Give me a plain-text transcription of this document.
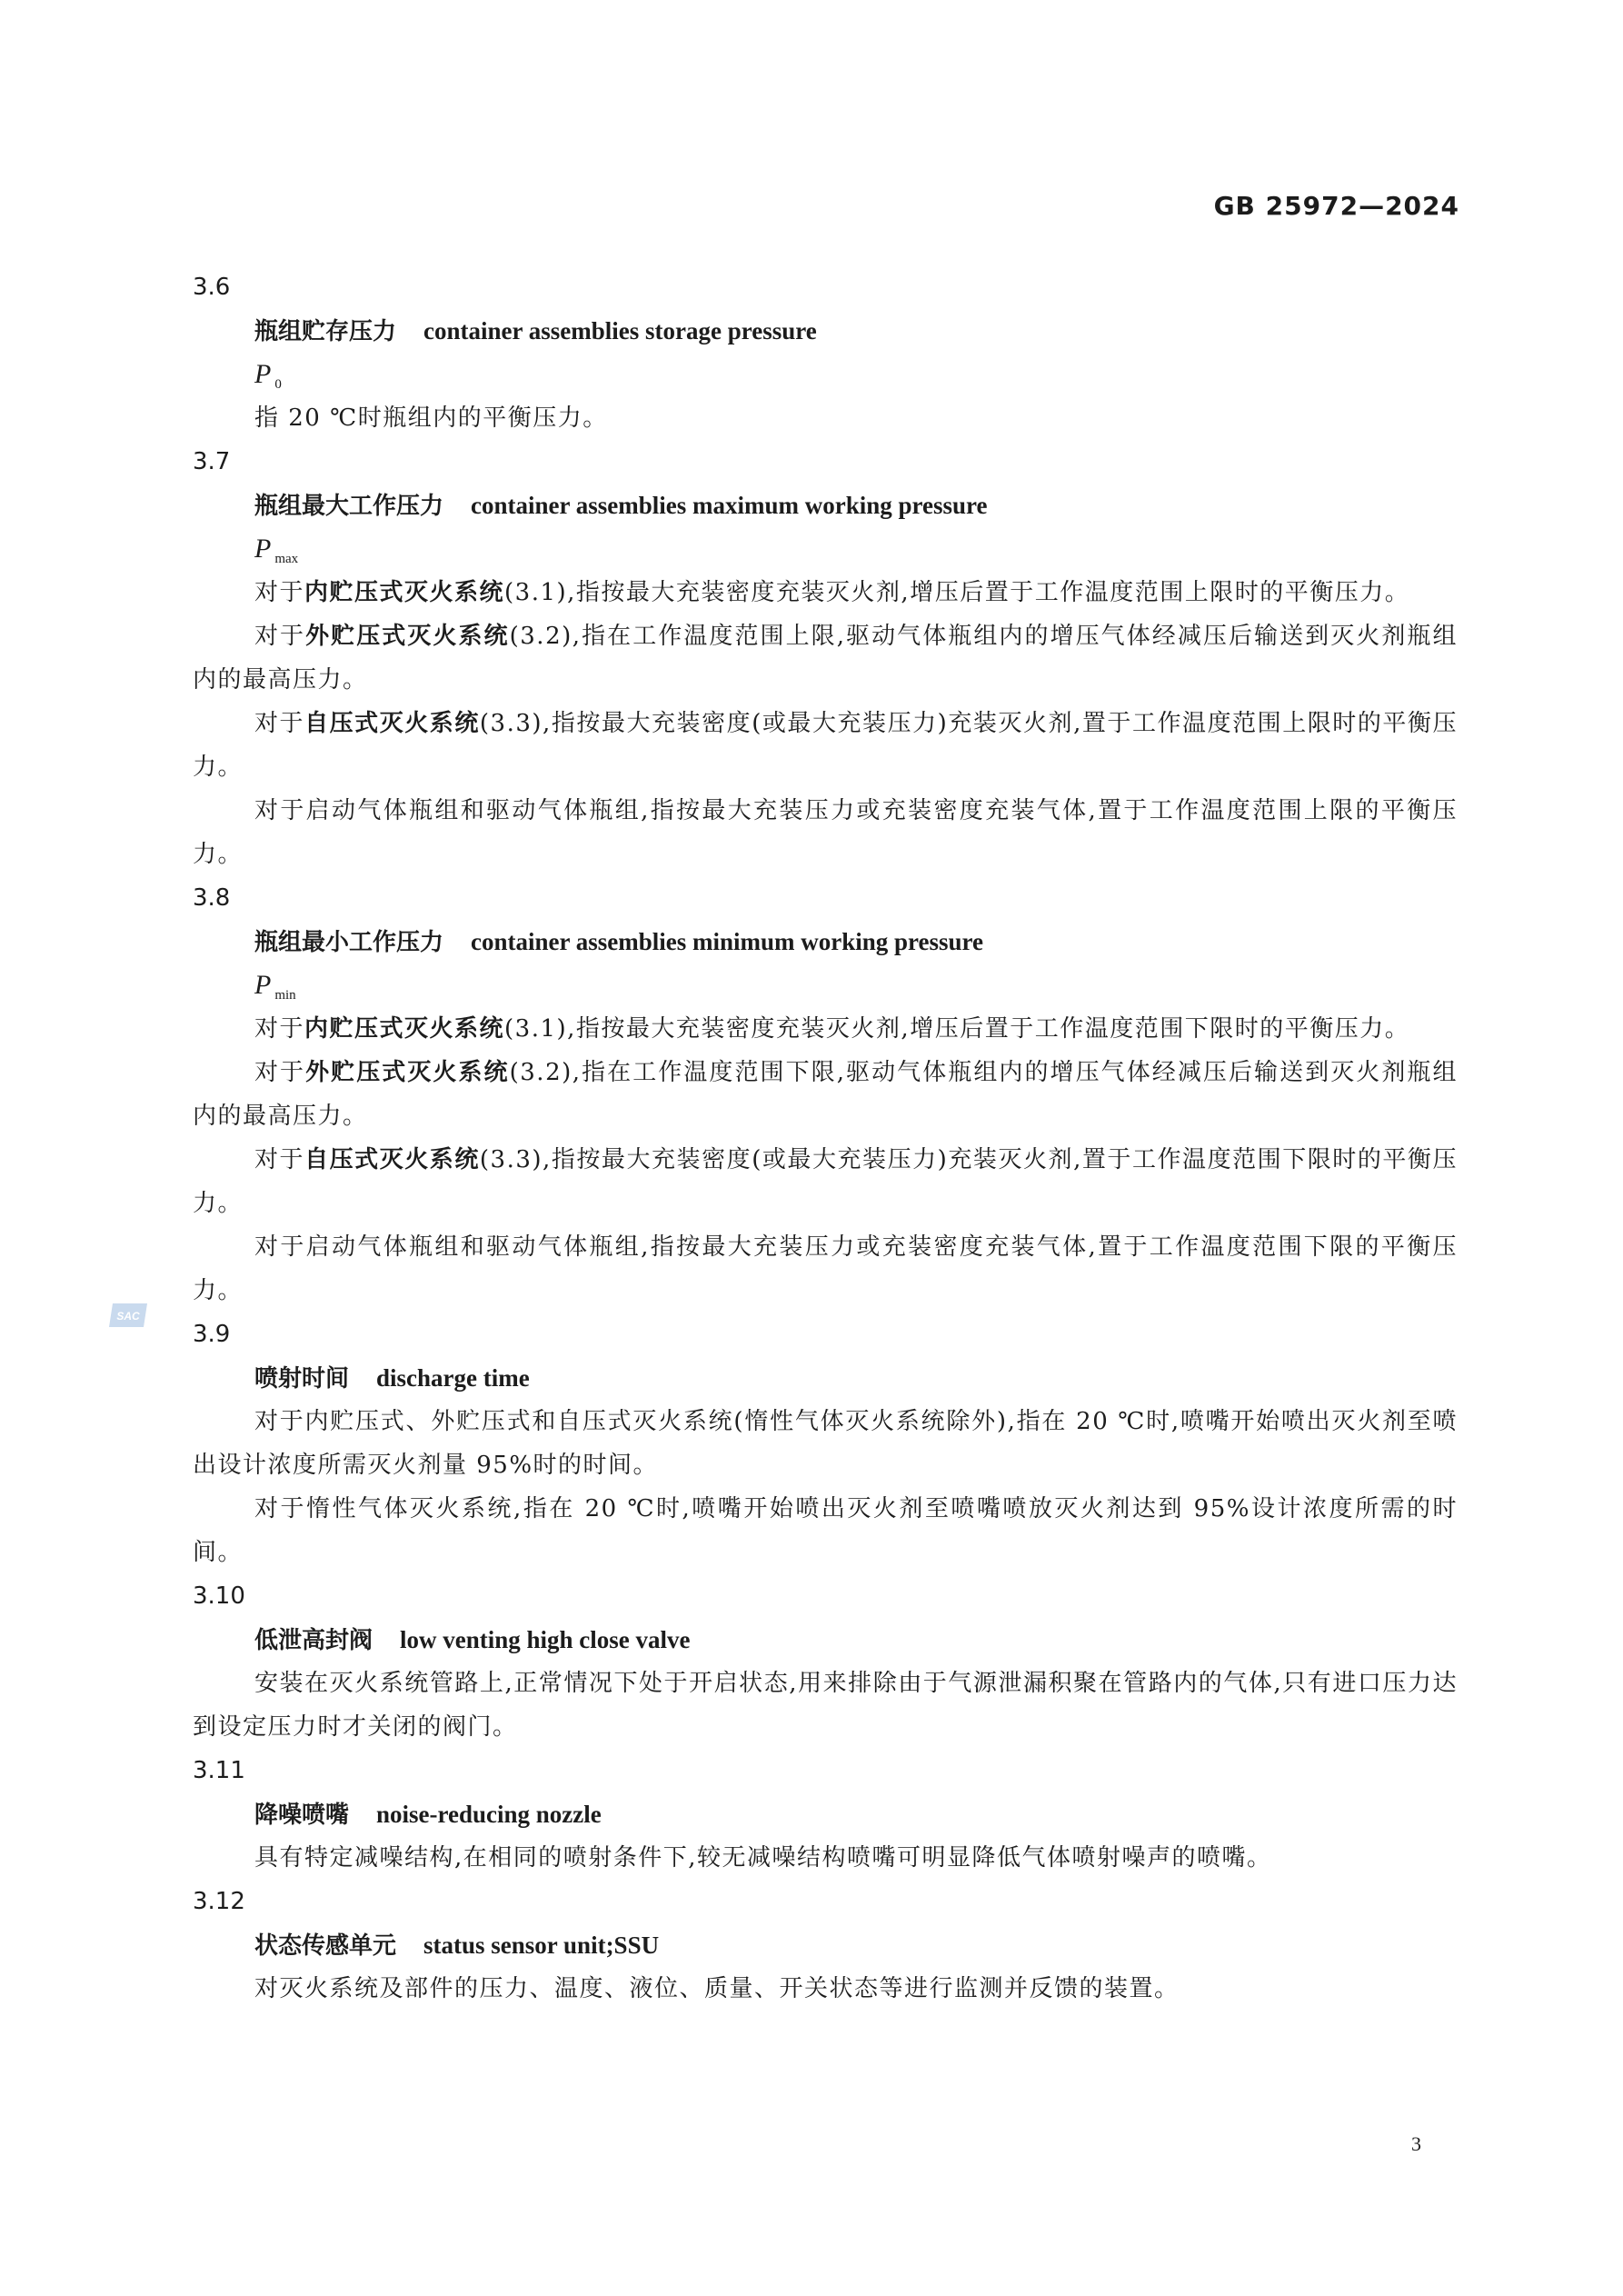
GB 25972—2024
SAC
3.6
瓶组贮存压力 container assemblies storage pressure
P $_0$
指 20 ℃时瓶组内的平衡压力。
3.7
瓶组最大工作压力 container assemblies maximum working pressure
P $_{max}$
对于内贮压式灭火系统(3.1),指按最大充装密度充装灭火剂,增压后置于工作温度范围上限时的平衡压力。
对于外贮压式灭火系统(3.2),指在工作温度范围上限,驱动气体瓶组内的增压气体经减压后输送到灭火剂瓶组内的最高压力。
对于自压式灭火系统(3.3),指按最大充装密度(或最大充装压力)充装灭火剂,置于工作温度范围上限时的平衡压力。
对于启动气体瓶组和驱动气体瓶组,指按最大充装压力或充装密度充装气体,置于工作温度范围上限的平衡压力。
3.8
瓶组最小工作压力 container assemblies minimum working pressure
P $_{min}$
对于内贮压式灭火系统(3.1),指按最大充装密度充装灭火剂,增压后置于工作温度范围下限时的平衡压力。
对于外贮压式灭火系统(3.2),指在工作温度范围下限,驱动气体瓶组内的增压气体经减压后输送到灭火剂瓶组内的最高压力。
对于自压式灭火系统(3.3),指按最大充装密度(或最大充装压力)充装灭火剂,置于工作温度范围下限时的平衡压力。
对于启动气体瓶组和驱动气体瓶组,指按最大充装压力或充装密度充装气体,置于工作温度范围下限的平衡压力。
3.9
喷射时间 discharge time
对于内贮压式、外贮压式和自压式灭火系统(惰性气体灭火系统除外),指在 20 ℃时,喷嘴开始喷出灭火剂至喷出设计浓度所需灭火剂量 95%时的时间。
对于惰性气体灭火系统,指在 20 ℃时,喷嘴开始喷出灭火剂至喷嘴喷放灭火剂达到 95%设计浓度所需的时间。
3.10
低泄高封阀 low venting high close valve
安装在灭火系统管路上,正常情况下处于开启状态,用来排除由于气源泄漏积聚在管路内的气体,只有进口压力达到设定压力时才关闭的阀门。
3.11
降噪喷嘴 noise-reducing nozzle
具有特定减噪结构,在相同的喷射条件下,较无减噪结构喷嘴可明显降低气体喷射噪声的喷嘴。
3.12
状态传感单元 status sensor unit;SSU
对灭火系统及部件的压力、温度、液位、质量、开关状态等进行监测并反馈的装置。
3
